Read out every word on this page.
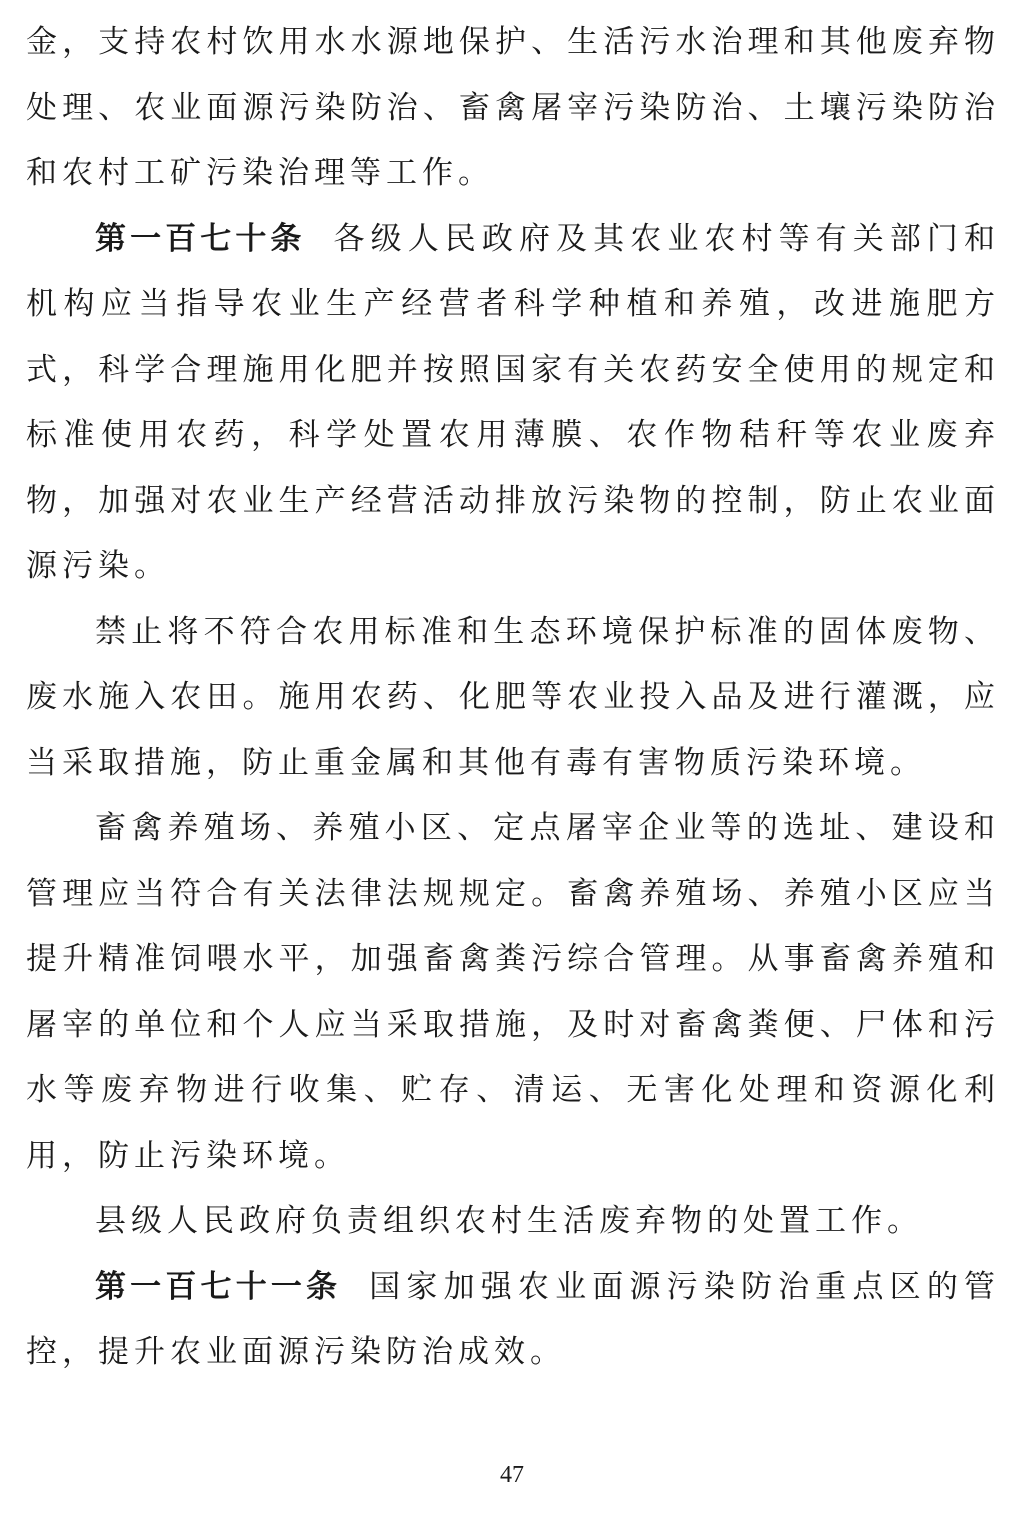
金，支持农村饮用水水源地保护、生活污水治理和其他废弃物处理、农业面源污染防治、畜禽屠宰污染防治、土壤污染防治和农村工矿污染治理等工作。

第一百七十条 各级人民政府及其农业农村等有关部门和机构应当指导农业生产经营者科学种植和养殖，改进施肥方式，科学合理施用化肥并按照国家有关农药安全使用的规定和标准使用农药，科学处置农用薄膜、农作物秸秆等农业废弃物，加强对农业生产经营活动排放污染物的控制，防止农业面源污染。

禁止将不符合农用标准和生态环境保护标准的固体废物、废水施入农田。施用农药、化肥等农业投入品及进行灌溉，应当采取措施，防止重金属和其他有毒有害物质污染环境。

畜禽养殖场、养殖小区、定点屠宰企业等的选址、建设和管理应当符合有关法律法规规定。畜禽养殖场、养殖小区应当提升精准饲喂水平，加强畜禽粪污综合管理。从事畜禽养殖和屠宰的单位和个人应当采取措施，及时对畜禽粪便、尸体和污水等废弃物进行收集、贮存、清运、无害化处理和资源化利用，防止污染环境。

县级人民政府负责组织农村生活废弃物的处置工作。

第一百七十一条 国家加强农业面源污染防治重点区的管控，提升农业面源污染防治成效。

47
